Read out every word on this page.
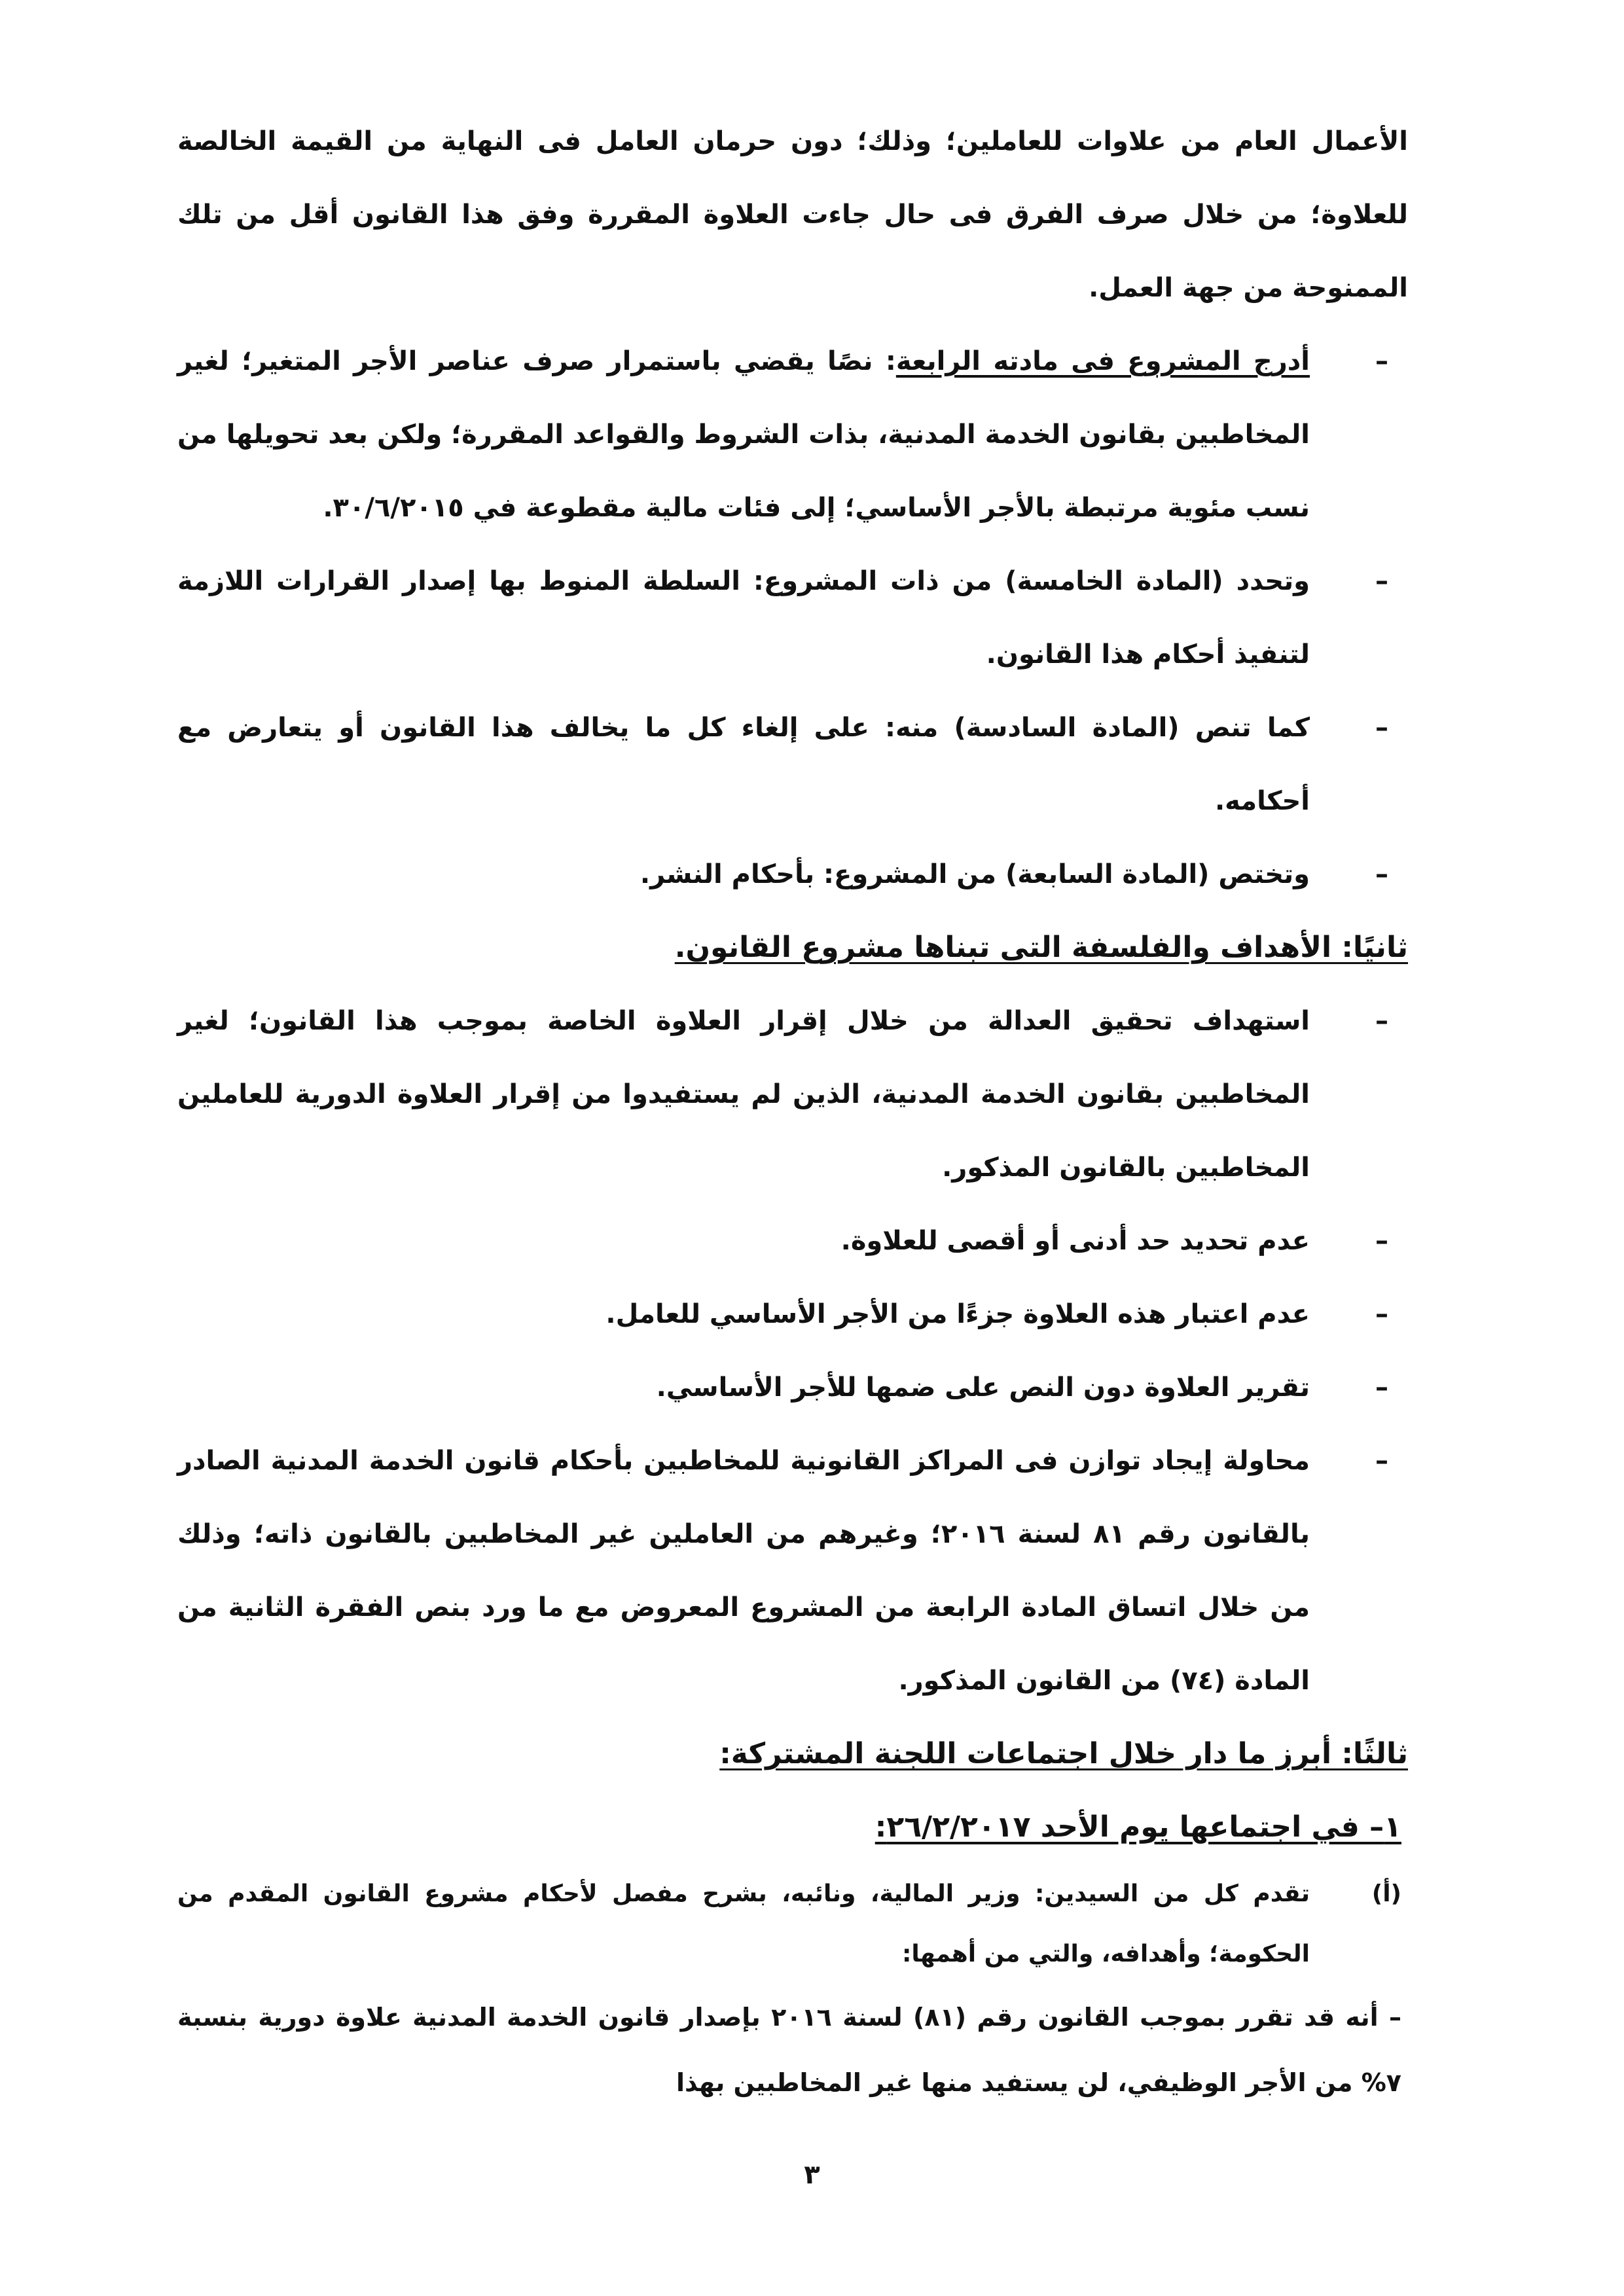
الأعمال العام من علاوات للعاملين؛ وذلك؛ دون حرمان العامل فى النهاية من القيمة الخالصة للعلاوة؛ من خلال صرف الفرق فى حال جاءت العلاوة المقررة وفق هذا القانون أقل من تلك الممنوحة من جهة العمل.

–
أدرج المشروع فى مادته الرابعة: نصًا يقضي باستمرار صرف عناصر الأجر المتغير؛ لغير المخاطبين بقانون الخدمة المدنية، بذات الشروط والقواعد المقررة؛ ولكن بعد تحويلها من نسب مئوية مرتبطة بالأجر الأساسي؛ إلى فئات مالية مقطوعة في ٣٠/٦/٢٠١٥.
–
وتحدد (المادة الخامسة) من ذات المشروع: السلطة المنوط بها إصدار القرارات اللازمة لتنفيذ أحكام هذا القانون.
–
كما تنص (المادة السادسة) منه: على إلغاء كل ما يخالف هذا القانون أو يتعارض مع أحكامه.
–
وتختص (المادة السابعة) من المشروع: بأحكام النشر.
ثانيًا: الأهداف والفلسفة التى تبناها مشروع القانون.
–
استهداف تحقيق العدالة من خلال إقرار العلاوة الخاصة بموجب هذا القانون؛ لغير المخاطبين بقانون الخدمة المدنية، الذين لم يستفيدوا من إقرار العلاوة الدورية للعاملين المخاطبين بالقانون المذكور.
–
عدم تحديد حد أدنى أو أقصى للعلاوة.
–
عدم اعتبار هذه العلاوة جزءًا من الأجر الأساسي للعامل.
–
تقرير العلاوة دون النص على ضمها للأجر الأساسي.
–
محاولة إيجاد توازن فى المراكز القانونية للمخاطبين بأحكام قانون الخدمة المدنية الصادر بالقانون رقم ٨١ لسنة ٢٠١٦؛ وغيرهم من العاملين غير المخاطبين بالقانون ذاته؛ وذلك من خلال اتساق المادة الرابعة من المشروع المعروض مع ما ورد بنص الفقرة الثانية من المادة (٧٤) من القانون المذكور.
ثالثًا: أبرز ما دار خلال اجتماعات اللجنة المشتركة:
١– في اجتماعها يوم الأحد ٢٦/٢/٢٠١٧:
(أ)
تقدم كل من السيدين: وزير المالية، ونائبه، بشرح مفصل لأحكام مشروع القانون المقدم من الحكومة؛ وأهدافه، والتي من أهمها:

– أنه قد تقرر بموجب القانون رقم (٨١) لسنة ٢٠١٦ بإصدار قانون الخدمة المدنية علاوة دورية بنسبة ٧% من الأجر الوظيفي، لن يستفيد منها غير المخاطبين بهذا

٣
